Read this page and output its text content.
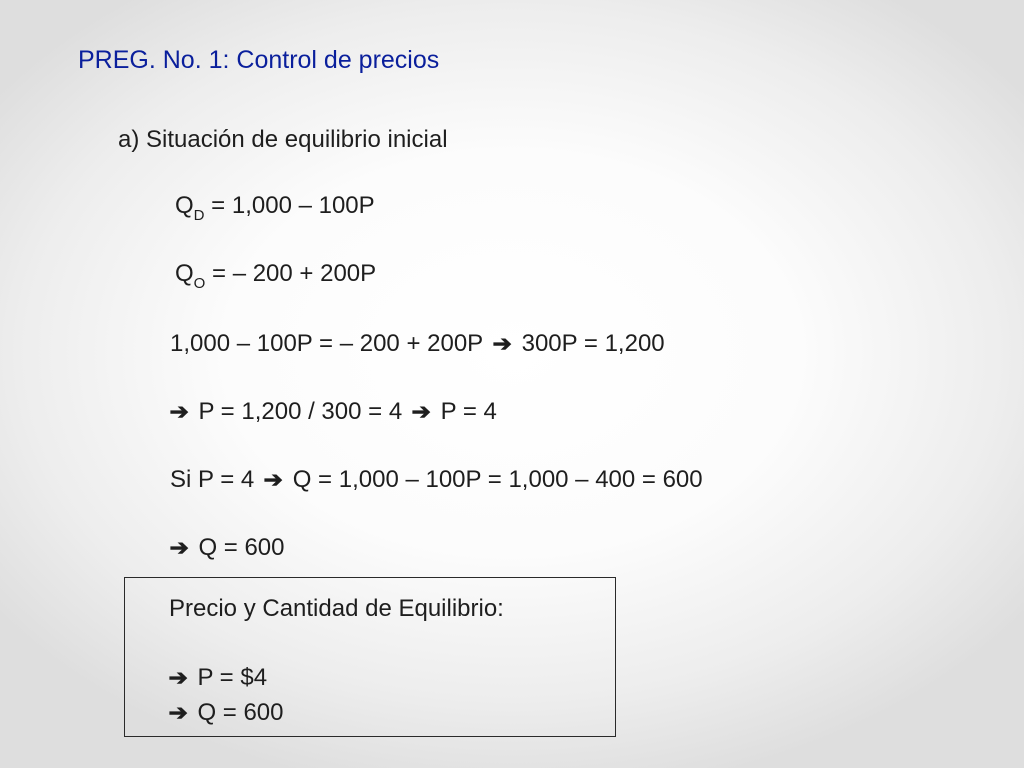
PREG. No. 1: Control de precios
a) Situación de equilibrio inicial
$Q_D = 1,000 - 100P$
$Q_O$ = – 200 + 200P
1,000 – 100P = – 200 + 200P ➔ 300P = 1,200
➔ P = 1,200 / 300 = 4 ➔ P = 4
Si P = 4 ➔ Q = 1,000 – 100P = 1,000 – 400 = 600
➔ Q = 600
Precio y Cantidad de Equilibrio:
➔ P = $4
➔ Q = 600
